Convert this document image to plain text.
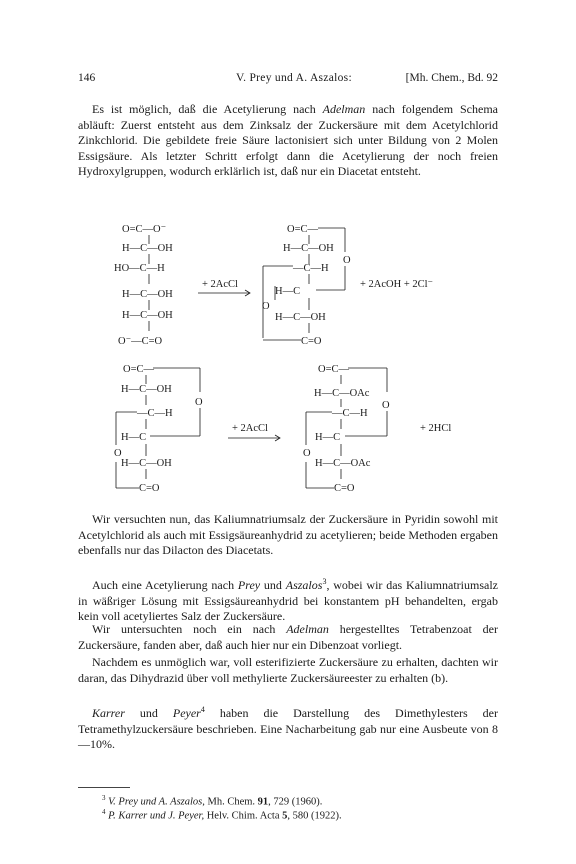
146	V. Prey und A. Aszalos:	[Mh. Chem., Bd. 92

Es ist möglich, daß die Acetylierung nach Adelman nach folgendem Schema abläuft: Zuerst entsteht aus dem Zinksalz der Zuckersäure mit dem Acetylchlorid Zinkchlorid. Die gebildete freie Säure lactonisiert sich unter Bildung von 2 Molen Essigsäure. Als letzter Schritt erfolgt dann die Acetylierung der noch freien Hydroxylgruppen, wodurch erklärlich ist, daß nur ein Diacetat entsteht.

O=C—O⁻
H—C—OH
HO—C—H
H—C—OH
H—C—OH
O⁻—C=O
+ 2AcCl
O=C—
H—C—OH
O
—C—H
H—C
O
H—C—OH
C=O
+ 2AcOH + 2Cl⁻
O=C—
H—C—OH
O
—C—H
H—C
O
H—C—OH
C=O
+ 2AcCl
O=C—
H—C—OAc
O
—C—H
H—C
O
H—C—OAc
C=O
+ 2HCl

Wir versuchten nun, das Kaliumnatriumsalz der Zuckersäure in Pyridin sowohl mit Acetylchlorid als auch mit Essigsäureanhydrid zu acetylieren; beide Methoden ergaben ebenfalls nur das Dilacton des Diacetats.

Auch eine Acetylierung nach Prey und Aszalos$^3$, wobei wir das Kaliumnatriumsalz in wäßriger Lösung mit Essigsäureanhydrid bei konstantem pH behandelten, ergab kein voll acetyliertes Salz der Zuckersäure.

Wir untersuchten noch ein nach Adelman hergestelltes Tetrabenzoat der Zuckersäure, fanden aber, daß auch hier nur ein Dibenzoat vorliegt.

Nachdem es unmöglich war, voll esterifizierte Zuckersäure zu erhalten, dachten wir daran, das Dihydrazid über voll methylierte Zuckersäureester zu erhalten (b).

Karrer und Peyer$^4$ haben die Darstellung des Dimethylesters der Tetramethylzuckersäure beschrieben. Eine Nacharbeitung gab nur eine Ausbeute von 8—10%.

$^3$ V. Prey und A. Aszalos, Mh. Chem. 91, 729 (1960).

$^4$ P. Karrer und J. Peyer, Helv. Chim. Acta 5, 580 (1922).
